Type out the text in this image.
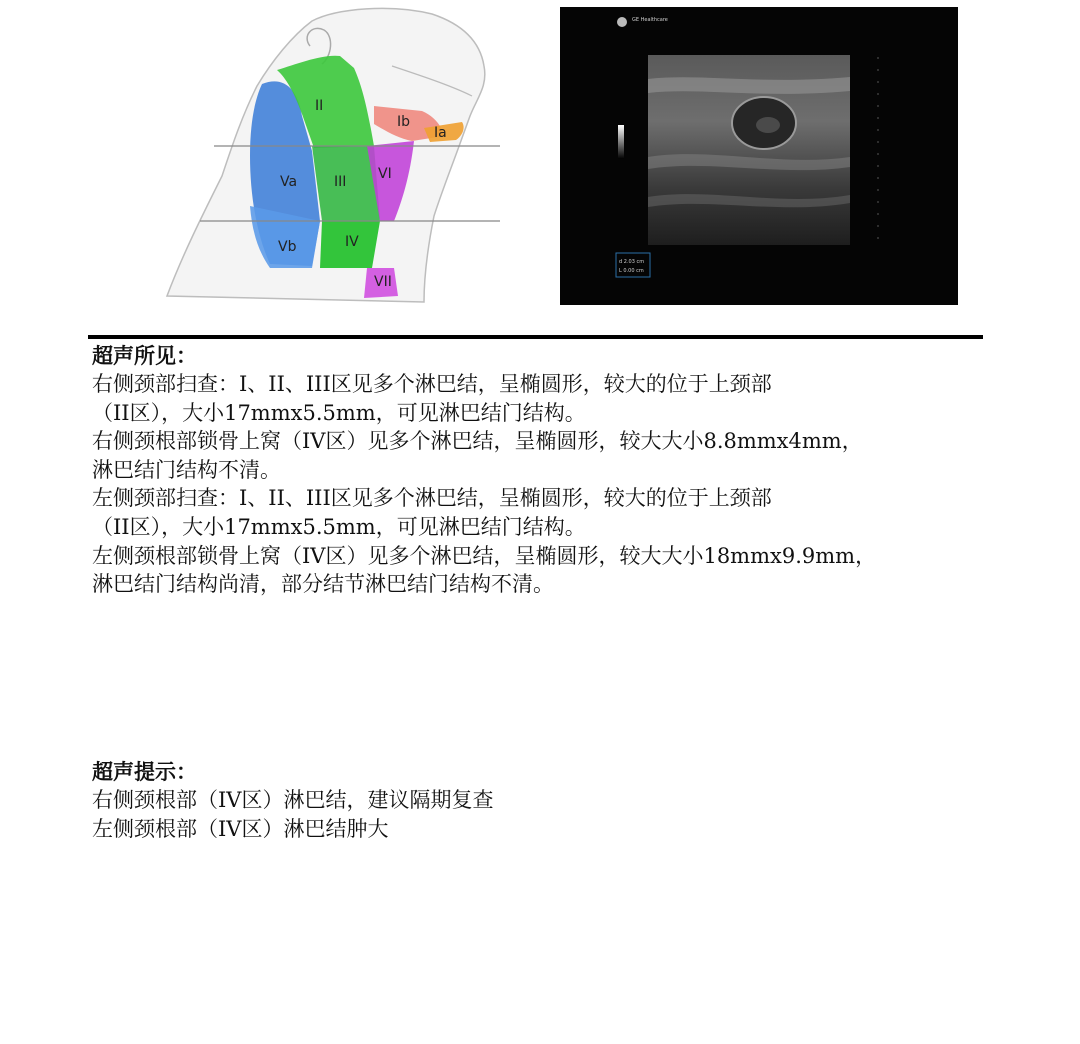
II
Ib
Ia
Va	III VI
Vb	IV
VII
GE Healthcare
d 2.03 cm
L 0.00 cm

超声所见：

右侧颈部扫查：I、II、III区见多个淋巴结，呈椭圆形，较大的位于上颈部

（II区），大小17mmx5.5mm，可见淋巴结门结构。

右侧颈根部锁骨上窝（IV区）见多个淋巴结，呈椭圆形，较大大小8.8mmx4mm，

淋巴结门结构不清。

左侧颈部扫查：I、II、III区见多个淋巴结，呈椭圆形，较大的位于上颈部

（II区），大小17mmx5.5mm，可见淋巴结门结构。

左侧颈根部锁骨上窝（IV区）见多个淋巴结，呈椭圆形，较大大小18mmx9.9mm，

淋巴结门结构尚清，部分结节淋巴结门结构不清。

超声提示：

右侧颈根部（IV区）淋巴结，建议隔期复查

左侧颈根部（IV区）淋巴结肿大
